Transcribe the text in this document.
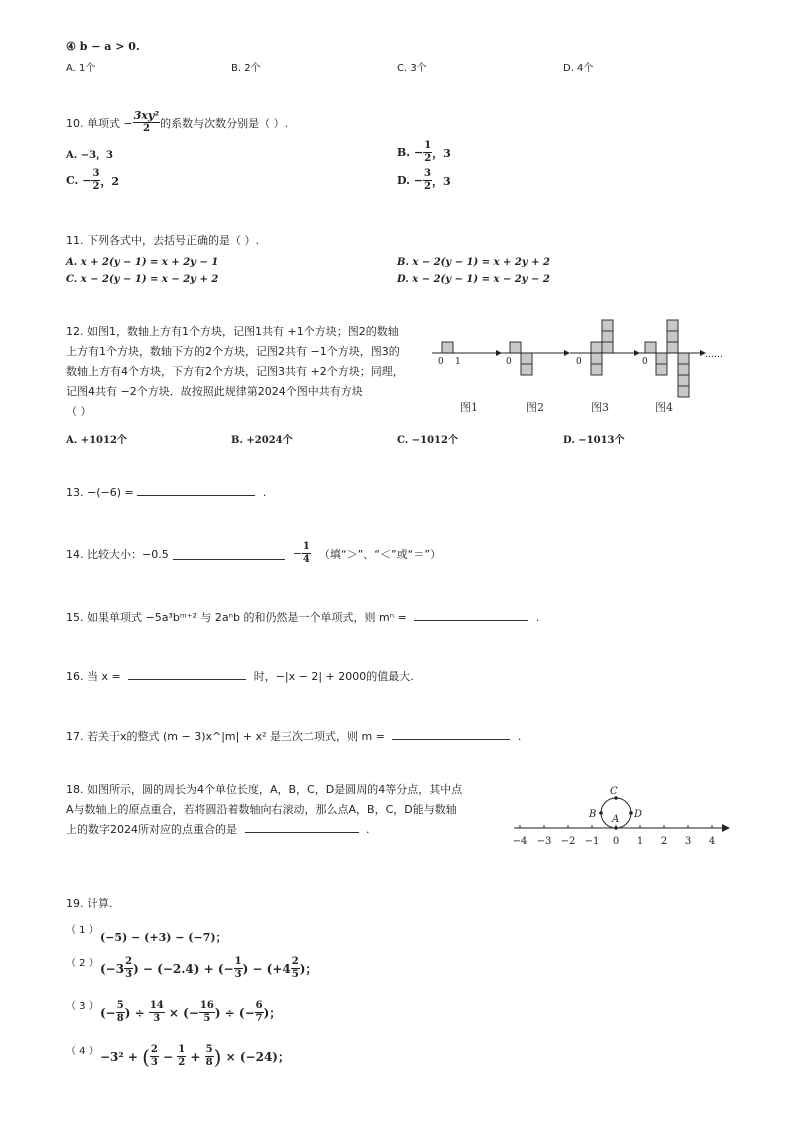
④ b − a > 0.
A. 1个	B. 2个	C. 3个	D. 4个
10. 单项式 − $\frac{\text{3xy²}}{2}$ 的系数与次数分别是（ ）.
A. −3，3	B. − $\frac{1}{2}$ ，3
C. − $\frac{3}{2}$ ，2	D. − $\frac{3}{2}$ ，3
11. 下列各式中，去括号正确的是（ ）.
A. x + 2(y − 1) = x + 2y − 1	B. x − 2(y − 1) = x + 2y + 2
C. x − 2(y − 1) = x − 2y + 2	D. x − 2(y − 1) = x − 2y − 2
12. 如图1，数轴上方有1个方块，记图1共有 +1个方块；图2的数轴
上方有1个方块，数轴下方的2个方块，记图2共有 −1个方块，图3的
数轴上方有4个方块，下方有2个方块，记图3共有 +2个方块；同理，
记图4共有 −2个方块．故按照此规律第2024个图中共有方块
（ ）
0 1	0	0	0
……
图1	图2	图3	图4
A. +1012个	B. +2024个	C. −1012个	D. −1013个
13. −(−6) =	.
14. 比较大小：−0.5	− $\frac{1}{4}$ （填“＞”、“＜”或“＝”）
15. 如果单项式 −5a³bᵐ⁺² 与 2aⁿb 的和仍然是一个单项式，则 mⁿ =	.
16. 当 x =	时，−|x − 2| + 2000的值最大.
17. 若关于x的整式 (m − 3)x^|m| + x² 是三次二项式，则 m =	.
18. 如图所示，圆的周长为4个单位长度，A，B，C，D是圆周的4等分点，其中点
A与数轴上的原点重合，若将圆沿着数轴向右滚动，那么点A，B，C，D能与数轴
上的数字2024所对应的点重合的是	.
−4 −3 −2 −1 0 1 2 3 4
C
B A D
19. 计算.
（ 1 ）
(−5) − (+3) − (−7)；
（ 2 ） ($-3 \frac{2}{3}$ ) − (−2.4) + (− $\frac{1}{3}$ ) − ($+4 \frac{2}{5}$ )；
（ 3 ） (− $\frac{5}{8}$ ) ÷ $\frac{14}{3}$ × (− $\frac{16}{5}$ ) ÷ (− $\frac{6}{7}$ )；
（ 4 ） −3² + ( $\frac{2}{3} - \frac{1}{2} + \frac{5}{8}$ ) × (−24)；
